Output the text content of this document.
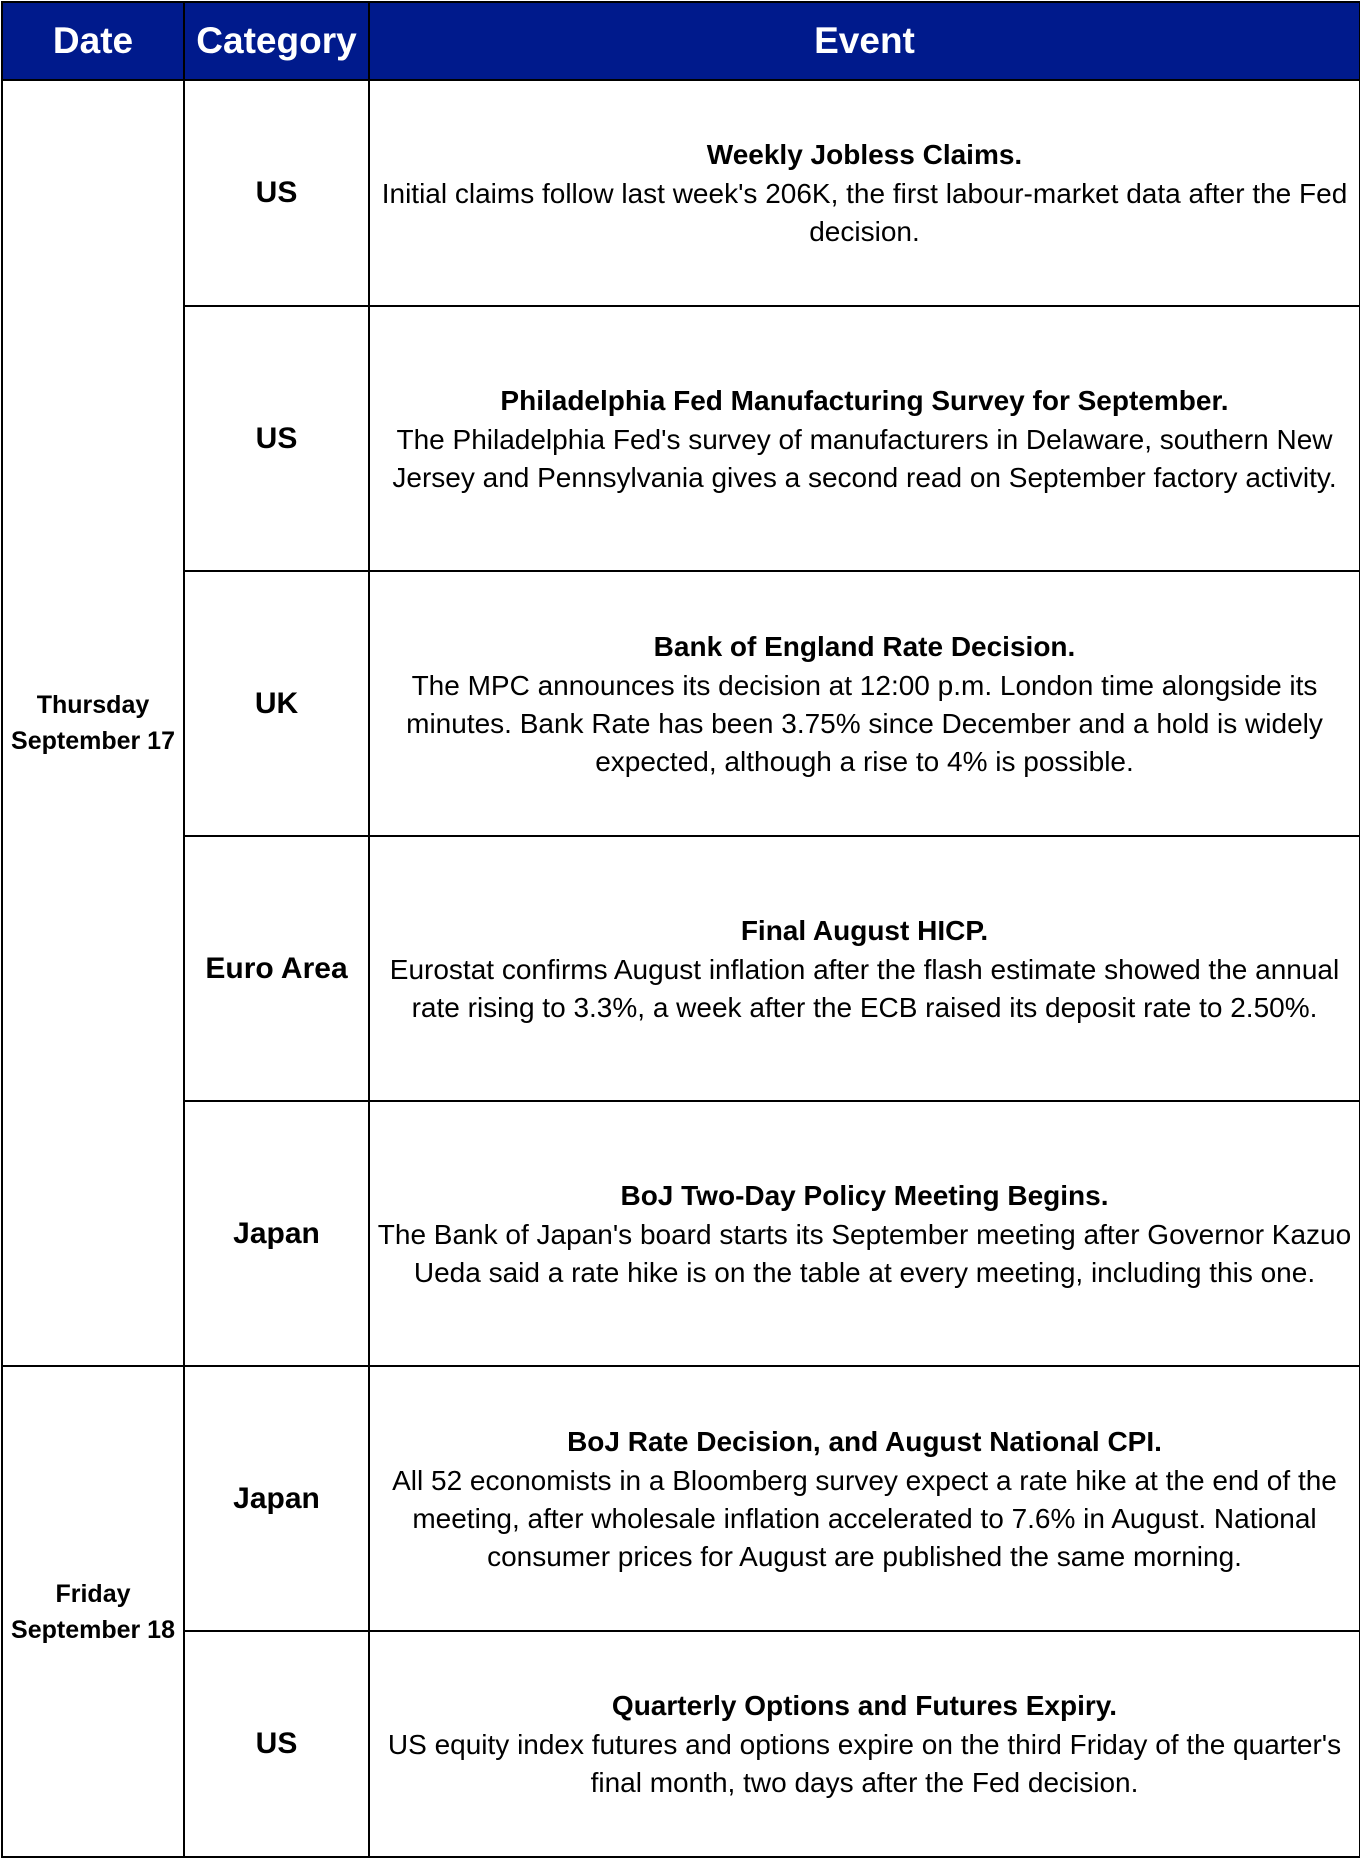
Date	Category	Event

Thursday
September 17	US	Weekly Jobless Claims.
Initial claims follow last week's 206K, the first labour-market data after the Fed decision.

	US	Philadelphia Fed Manufacturing Survey for September.
The Philadelphia Fed's survey of manufacturers in Delaware, southern New Jersey and Pennsylvania gives a second read on September factory activity.

	UK	Bank of England Rate Decision.
The MPC announces its decision at 12:00 p.m. London time alongside its minutes. Bank Rate has been 3.75% since December and a hold is widely expected, although a rise to 4% is possible.

	Euro Area	Final August HICP.
Eurostat confirms August inflation after the flash estimate showed the annual rate rising to 3.3%, a week after the ECB raised its deposit rate to 2.50%.

	Japan	BoJ Two-Day Policy Meeting Begins.
The Bank of Japan's board starts its September meeting after Governor Kazuo Ueda said a rate hike is on the table at every meeting, including this one.

Friday
September 18	Japan	BoJ Rate Decision, and August National CPI.
All 52 economists in a Bloomberg survey expect a rate hike at the end of the meeting, after wholesale inflation accelerated to 7.6% in August. National consumer prices for August are published the same morning.

	US	Quarterly Options and Futures Expiry.
US equity index futures and options expire on the third Friday of the quarter's final month, two days after the Fed decision.
